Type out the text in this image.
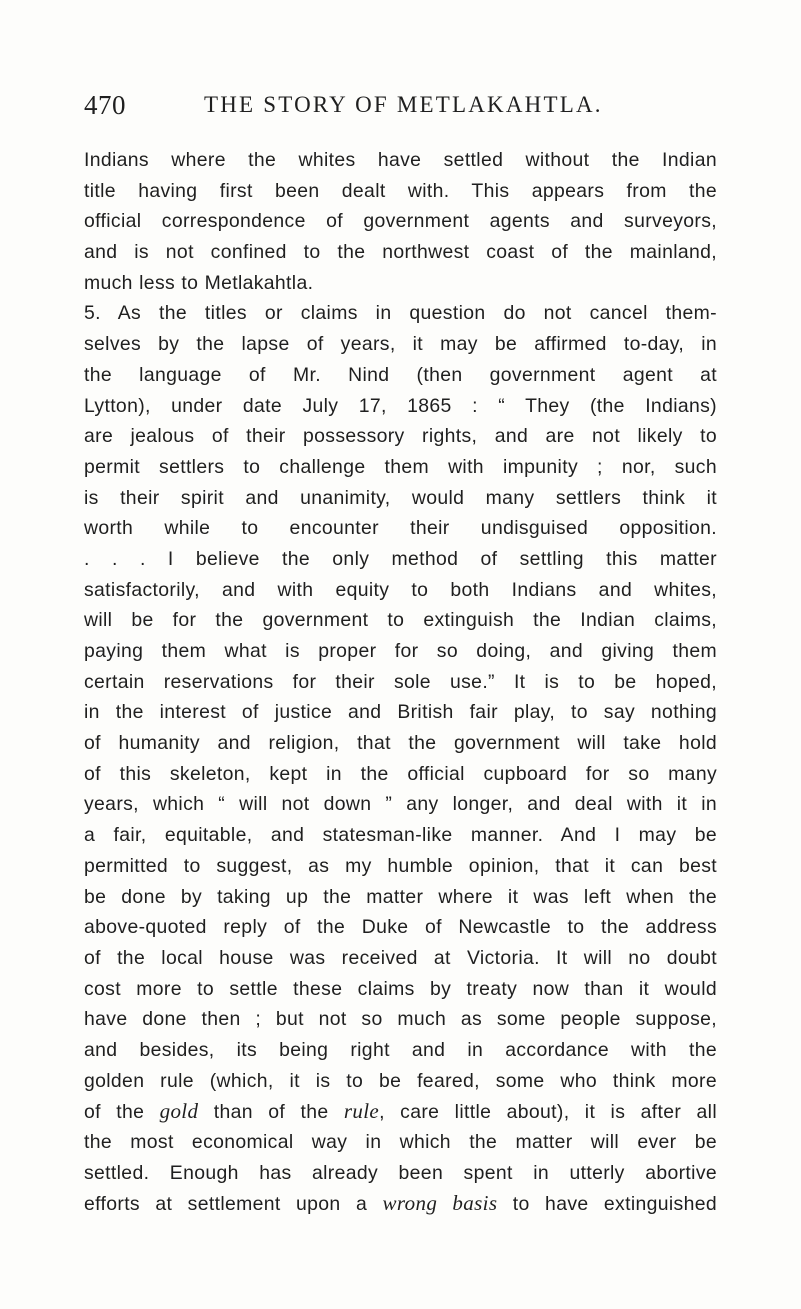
470	THE STORY OF METLAKAHTLA.
Indians where the whites have settled without the Indian
title having first been dealt with. This appears from the
official correspondence of government agents and surveyors,
and is not confined to the northwest coast of the mainland,
much less to Metlakahtla.
5. As the titles or claims in question do not cancel them-
selves by the lapse of years, it may be affirmed to-day, in
the language of Mr. Nind (then government agent at
Lytton), under date July 17, 1865 : “ They (the Indians)
are jealous of their possessory rights, and are not likely to
permit settlers to challenge them with impunity ; nor, such
is their spirit and unanimity, would many settlers think it
worth while to encounter their undisguised opposition.
. . . I believe the only method of settling this matter
satisfactorily, and with equity to both Indians and whites,
will be for the government to extinguish the Indian claims,
paying them what is proper for so doing, and giving them
certain reservations for their sole use.” It is to be hoped,
in the interest of justice and British fair play, to say nothing
of humanity and religion, that the government will take hold
of this skeleton, kept in the official cupboard for so many
years, which “ will not down ” any longer, and deal with it in
a fair, equitable, and statesman-like manner. And I may be
permitted to suggest, as my humble opinion, that it can best
be done by taking up the matter where it was left when the
above-quoted reply of the Duke of Newcastle to the address
of the local house was received at Victoria. It will no doubt
cost more to settle these claims by treaty now than it would
have done then ; but not so much as some people suppose,
and besides, its being right and in accordance with the
golden rule (which, it is to be feared, some who think more
of the gold than of the rule, care little about), it is after all
the most economical way in which the matter will ever be
settled. Enough has already been spent in utterly abortive
efforts at settlement upon a wrong basis to have extinguished
